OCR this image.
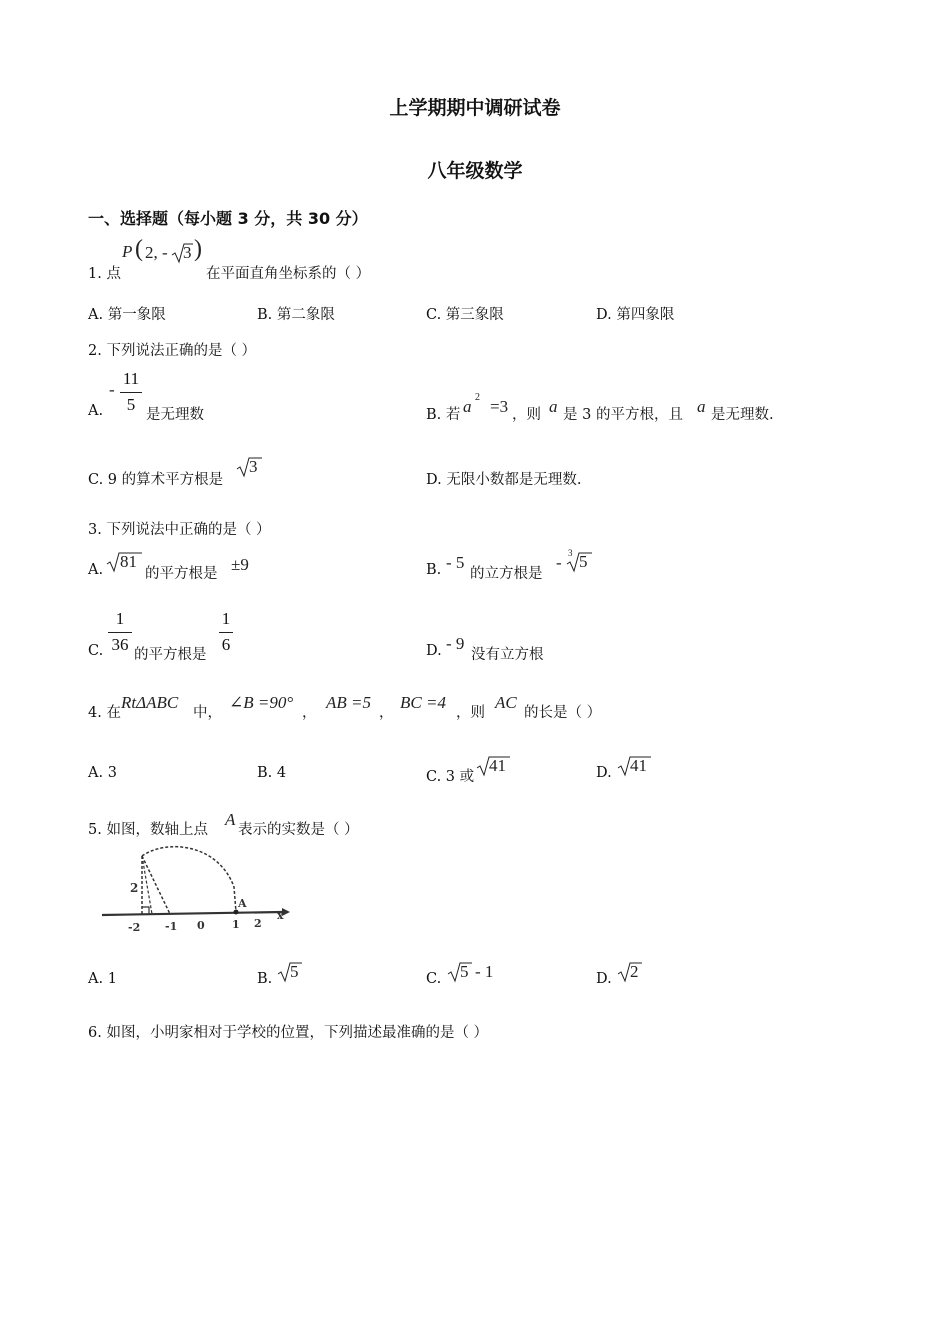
上学期期中调研试卷
八年级数学
一、选择题（每小题 3 分，共 30 分）
1. 点
P ( 2, - 3 )
在平面直角坐标系的（ ）
A. 第一象限	B. 第二象限	C. 第三象限	D. 第四象限
2. 下列说法正确的是（ ）
A.
-
11
5
是无理数	B. 若 a 2 =3 ，则 a 是 3 的平方根，且 a 是无理数.
C. 9 的算术平方根是
3
D. 无限小数都是无理数.
3. 下列说法中正确的是（ ）
A. 81
的平方根是 ±9	B. - 5
的立方根是
- 3 5
C.
1
36
的平方根是
1
6	D. - 9
没有立方根
4. 在
RtΔABC
中，
∠B =90°
，
AB =5
，
BC =4
，则
AC
的长是（ ）
A. 3	B. 4	C. 3 或
41	D. 41
5. 如图，数轴上点
A
表示的实数是（ ）
2
A
x
-2 -1 0 1 2
A. 1	B. 5	C. 5 - 1	D. 2
6. 如图，小明家相对于学校的位置，下列描述最准确的是（ ）
